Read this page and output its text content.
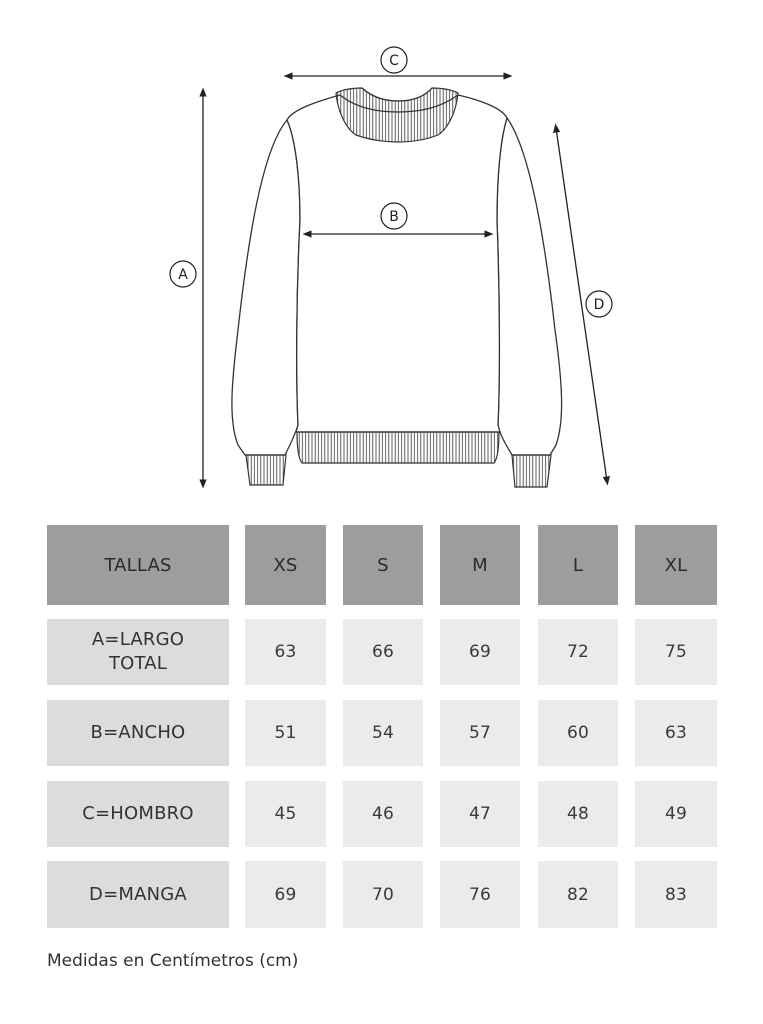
A
B
C
D
TALLAS	XS	S	M	L	XL
A=LARGO
TOTAL
63	66	69	72	75
B=ANCHO	51	54	57	60	63
C=HOMBRO	45	46	47	48	49
D=MANGA	69	70	76	82	83
Medidas en Centímetros (cm)
